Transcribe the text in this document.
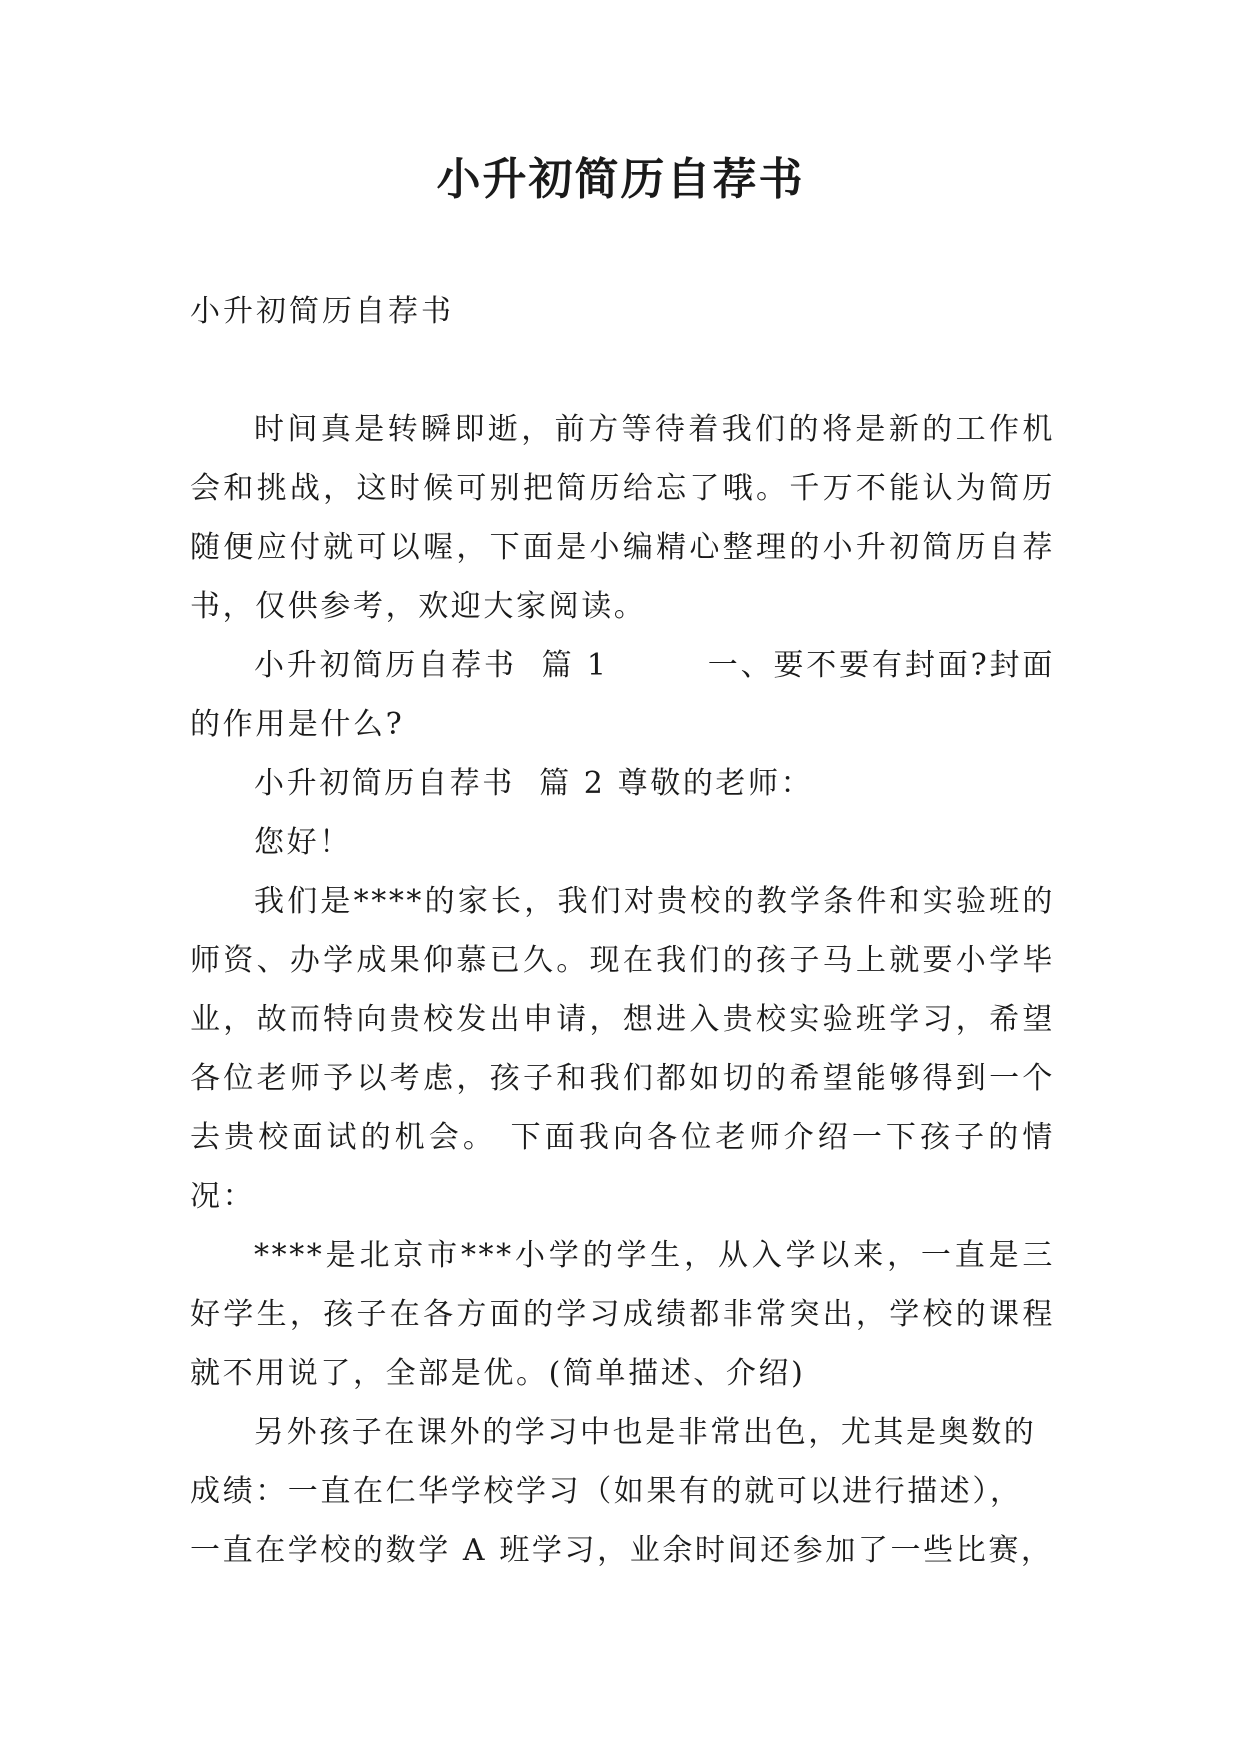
小升初简历自荐书

小升初简历自荐书

时间真是转瞬即逝，前方等待着我们的将是新的工作机会和挑战，这时候可别把简历给忘了哦。千万不能认为简历随便应付就可以喔，下面是小编精心整理的小升初简历自荐书，仅供参考，欢迎大家阅读。

小升初简历自荐书  篇 1        一、要不要有封面?封面的作用是什么?

小升初简历自荐书  篇 2 尊敬的老师：

您好！

我们是****的家长，我们对贵校的教学条件和实验班的师资、办学成果仰慕已久。现在我们的孩子马上就要小学毕业，故而特向贵校发出申请，想进入贵校实验班学习，希望各位老师予以考虑，孩子和我们都如切的希望能够得到一个去贵校面试的机会。 下面我向各位老师介绍一下孩子的情况：

****是北京市***小学的学生，从入学以来，一直是三好学生，孩子在各方面的学习成绩都非常突出，学校的课程就不用说了，全部是优。(简单描述、介绍)

另外孩子在课外的学习中也是非常出色，尤其是奥数的成绩：一直在仁华学校学习（如果有的就可以进行描述），一直在学校的数学 A 班学习，业余时间还参加了一些比赛，
